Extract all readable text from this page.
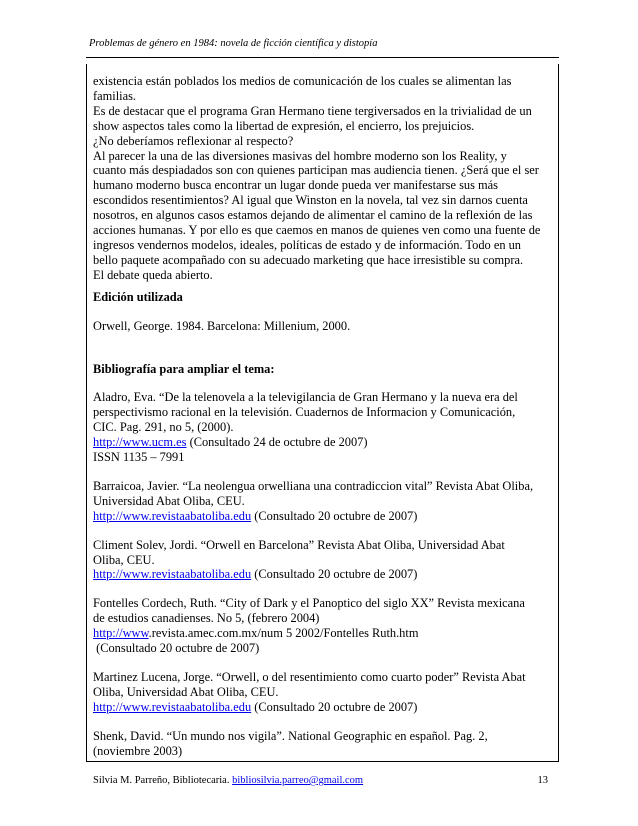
Problemas de género en 1984: novela de ficción científica y distopía
existencia están poblados los medios de comunicación de los cuales se alimentan las
familias.
Es de destacar que el programa Gran Hermano tiene tergiversados en la trivialidad de un
show aspectos tales como la libertad de expresión, el encierro, los prejuicios.
¿No deberíamos reflexionar al respecto?
Al parecer la una de las diversiones masivas del hombre moderno son los Reality, y
cuanto más despiadados son con quienes participan mas audiencia tienen. ¿Será que el ser
humano moderno busca encontrar un lugar donde pueda ver manifestarse sus más
escondidos resentimientos? Al igual que Winston en la novela, tal vez sin darnos cuenta
nosotros, en algunos casos estamos dejando de alimentar el camino de la reflexión de las
acciones humanas. Y por ello es que caemos en manos de quienes ven como una fuente de
ingresos vendernos modelos, ideales, políticas de estado y de información. Todo en un
bello paquete acompañado con su adecuado marketing que hace irresistible su compra.
El debate queda abierto.
Edición utilizada
Orwell, George. 1984. Barcelona: Millenium, 2000.
Bibliografía para ampliar el tema:
Aladro, Eva. “De la telenovela a la televigilancia de Gran Hermano y la nueva era del
perspectivismo racional en la televisión. Cuadernos de Informacion y Comunicación,
CIC. Pag. 291, no 5, (2000).
http://www.ucm.es (Consultado 24 de octubre de 2007)
ISSN 1135 – 7991
Barraicoa, Javier. “La neolengua orwelliana una contradiccion vital” Revista Abat Oliba,
Universidad Abat Oliba, CEU.
http://www.revistaabatoliba.edu (Consultado 20 octubre de 2007)
Climent Solev, Jordi. “Orwell en Barcelona” Revista Abat Oliba, Universidad Abat
Oliba, CEU.
http://www.revistaabatoliba.edu (Consultado 20 octubre de 2007)
Fontelles Cordech, Ruth. “City of Dark y el Panoptico del siglo XX” Revista mexicana
de estudios canadienses. No 5, (febrero 2004)
http://www.revista.amec.com.mx/num 5 2002/Fontelles Ruth.htm
(Consultado 20 octubre de 2007)
Martinez Lucena, Jorge. “Orwell, o del resentimiento como cuarto poder” Revista Abat
Oliba, Universidad Abat Oliba, CEU.
http://www.revistaabatoliba.edu (Consultado 20 octubre de 2007)
Shenk, David. “Un mundo nos vigila”. National Geographic en español. Pag. 2,
(noviembre 2003)
Silvia M. Parreño, Bibliotecaria. bibliosilvia.parreo@gmail.com	13
